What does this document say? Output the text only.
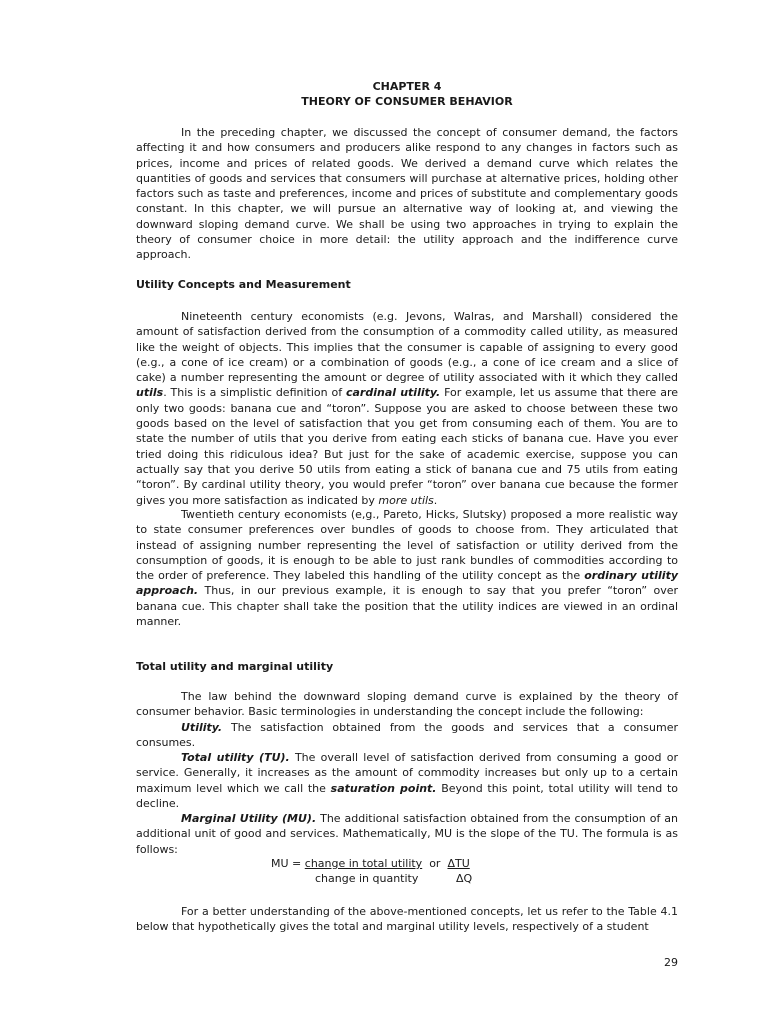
CHAPTER 4
THEORY OF CONSUMER BEHAVIOR

In the preceding chapter, we discussed the concept of consumer demand, the factors affecting it and how consumers and producers alike respond to any changes in factors such as prices, income and prices of related goods. We derived a demand curve which relates the quantities of goods and services that consumers will purchase at alternative prices, holding other factors such as taste and preferences, income and prices of substitute and complementary goods constant. In this chapter, we will pursue an alternative way of looking at, and viewing the downward sloping demand curve. We shall be using two approaches in trying to explain the theory of consumer choice in more detail: the utility approach and the indifference curve approach.

Utility Concepts and Measurement

Nineteenth century economists (e.g. Jevons, Walras, and Marshall) considered the amount of satisfaction derived from the consumption of a commodity called utility, as measured like the weight of objects. This implies that the consumer is capable of assigning to every good (e.g., a cone of ice cream) or a combination of goods (e.g., a cone of ice cream and a slice of cake) a number representing the amount or degree of utility associated with it which they called utils. This is a simplistic definition of cardinal utility. For example, let us assume that there are only two goods: banana cue and “toron”. Suppose you are asked to choose between these two goods based on the level of satisfaction that you get from consuming each of them. You are to state the number of utils that you derive from eating each sticks of banana cue. Have you ever tried doing this ridiculous idea? But just for the sake of academic exercise, suppose you can actually say that you derive 50 utils from eating a stick of banana cue and 75 utils from eating “toron”. By cardinal utility theory, you would prefer “toron” over banana cue because the former gives you more satisfaction as indicated by more utils.

Twentieth century economists (e,g., Pareto, Hicks, Slutsky) proposed a more realistic way to state consumer preferences over bundles of goods to choose from. They articulated that instead of assigning number representing the level of satisfaction or utility derived from the consumption of goods, it is enough to be able to just rank bundles of commodities according to the order of preference. They labeled this handling of the utility concept as the ordinary utility approach. Thus, in our previous example, it is enough to say that you prefer “toron” over banana cue. This chapter shall take the position that the utility indices are viewed in an ordinal manner.

Total utility and marginal utility

The law behind the downward sloping demand curve is explained by the theory of consumer behavior. Basic terminologies in understanding the concept include the following:

Utility. The satisfaction obtained from the goods and services that a consumer consumes.

Total utility (TU). The overall level of satisfaction derived from consuming a good or service. Generally, it increases as the amount of commodity increases but only up to a certain maximum level which we call the saturation point. Beyond this point, total utility will tend to decline.

Marginal Utility (MU). The additional satisfaction obtained from the consumption of an additional unit of good and services. Mathematically, MU is the slope of the TU. The formula is as follows:

MU = change in total utility  or  ΔTU
change in quantity	ΔQ

For a better understanding of the above-mentioned concepts, let us refer to the Table 4.1 below that hypothetically gives the total and marginal utility levels, respectively of a student

29
